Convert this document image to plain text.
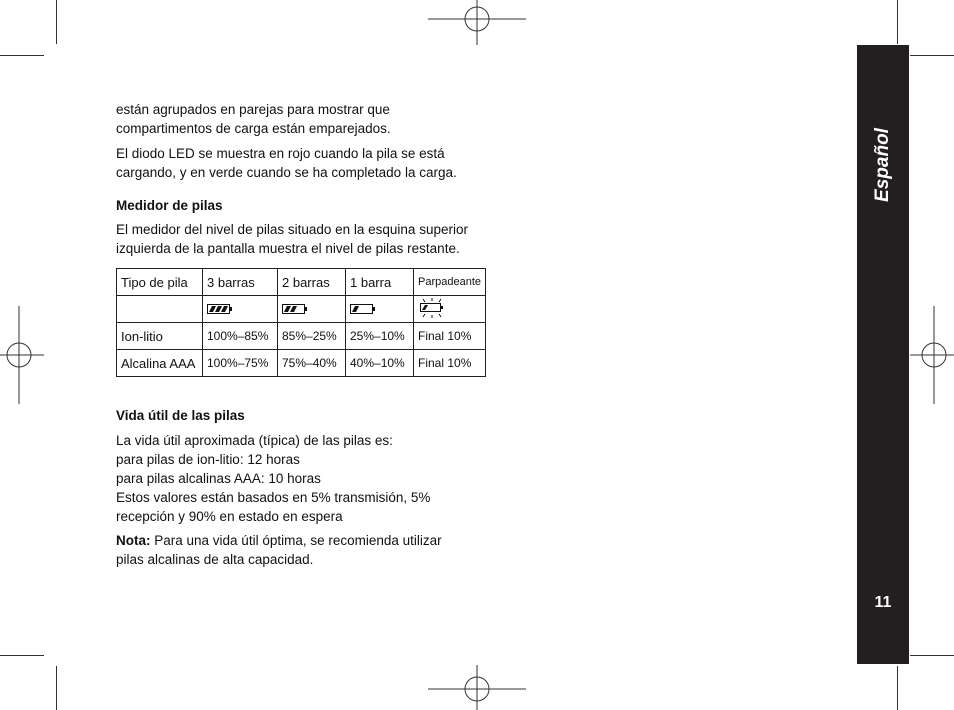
Español
11

están agrupados en parejas para mostrar que

compartimentos de carga están emparejados.

El diodo LED se muestra en rojo cuando la pila se está

cargando, y en verde cuando se ha completado la carga.

Medidor de pilas

El medidor del nivel de pilas situado en la esquina superior

izquierda de la pantalla muestra el nivel de pilas restante.

Tipo de pila	3 barras	2 barras	1 barra	Parpadeante

Ion-litio	100%–85%	85%–25%	25%–10%	Final 10%
Alcalina AAA	100%–75%	75%–40%	40%–10%	Final 10%
Vida útil de las pilas

La vida útil aproximada (típica) de las pilas es:

para pilas de ion-litio: 12 horas

para pilas alcalinas AAA: 10 horas

Estos valores están basados en 5% transmisión, 5%

recepción y 90% en estado en espera

Nota: Para una vida útil óptima, se recomienda utilizar

pilas alcalinas de alta capacidad.
